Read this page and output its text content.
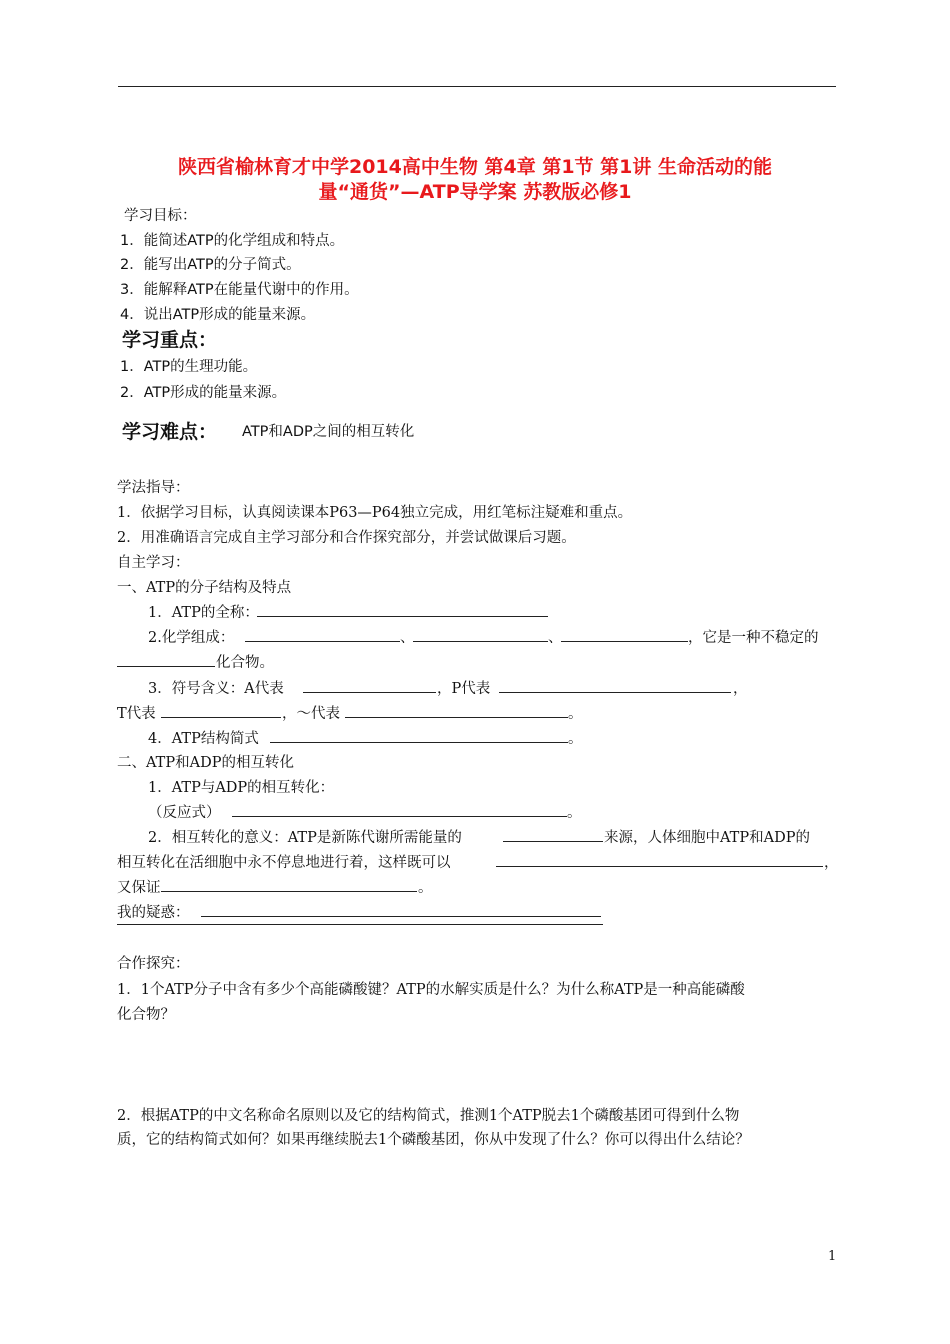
陕西省榆林育才中学2014高中生物 第4章 第1节 第1讲 生命活动的能
量“通货”—ATP导学案 苏教版必修1
学习目标：
1．能简述ATP的化学组成和特点。
2．能写出ATP的分子简式。
3．能解释ATP在能量代谢中的作用。
4．说出ATP形成的能量来源。
学习重点：
1．ATP的生理功能。
2．ATP形成的能量来源。
学习难点： ATP和ADP之间的相互转化
学法指导：
1．依据学习目标，认真阅读课本P63—P64独立完成，用红笔标注疑难和重点。
2．用准确语言完成自主学习部分和合作探究部分，并尝试做课后习题。
自主学习：
一、ATP的分子结构及特点
1．ATP的全称：
2.化学组成：	、	、	，它是一种不稳定的
化合物。
3．符号含义：A代表	，P代表	，
T代表	，～代表	。
4．ATP结构简式	。
二、ATP和ADP的相互转化
1．ATP与ADP的相互转化：
（反应式）	。
2．相互转化的意义：ATP是新陈代谢所需能量的	来源，人体细胞中ATP和ADP的
相互转化在活细胞中永不停息地进行着，这样既可以	，
又保证	。
我的疑惑：
合作探究：
1．1个ATP分子中含有多少个高能磷酸键？ATP的水解实质是什么？为什么称ATP是一种高能磷酸
化合物？
2．根据ATP的中文名称命名原则以及它的结构简式，推测1个ATP脱去1个磷酸基团可得到什么物
质，它的结构简式如何？如果再继续脱去1个磷酸基团，你从中发现了什么？你可以得出什么结论？
1
